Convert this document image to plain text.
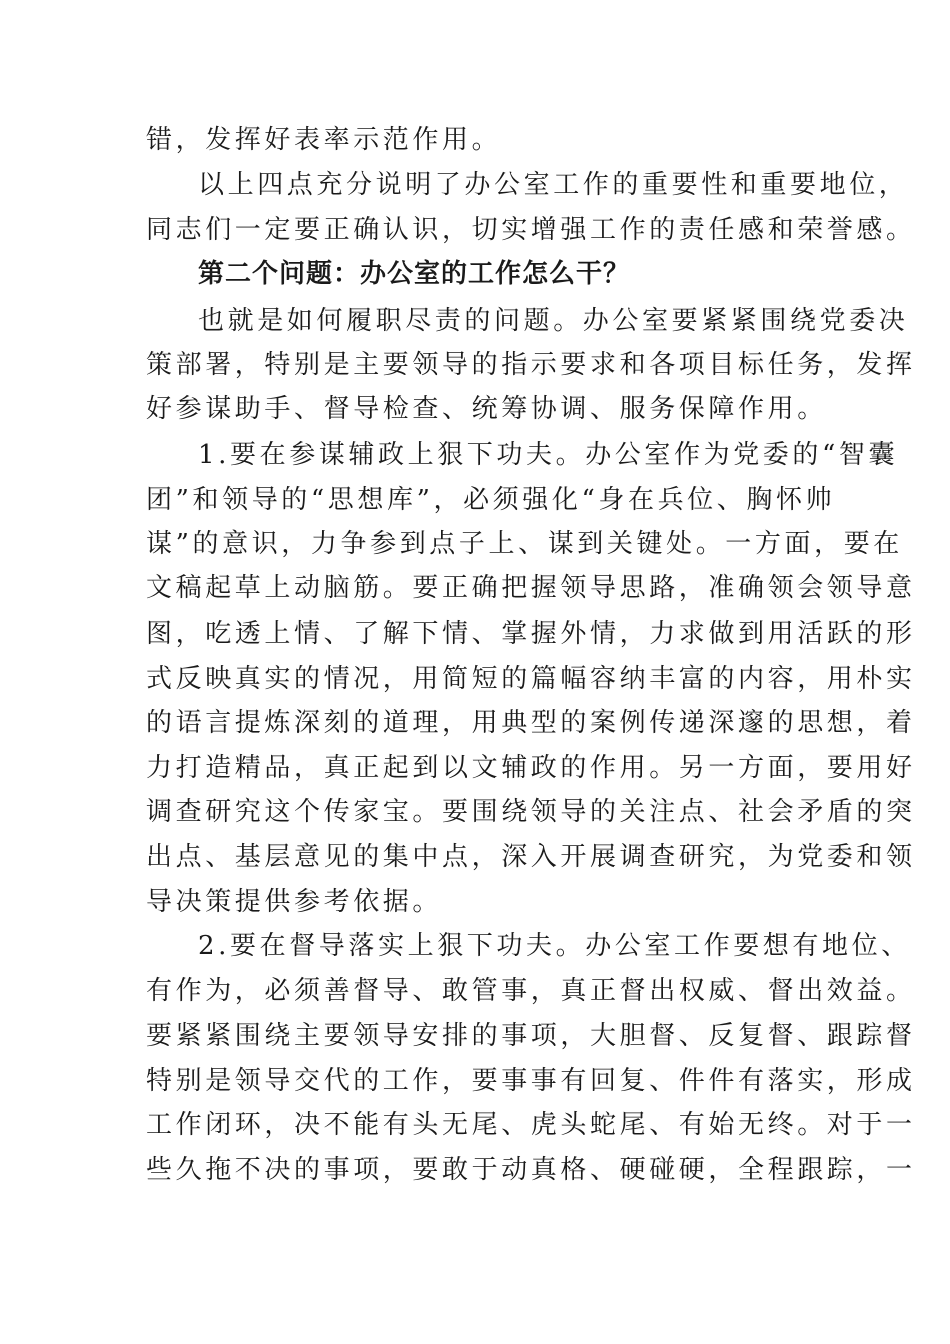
错，发挥好表率示范作用。
以上四点充分说明了办公室工作的重要性和重要地位，
同志们一定要正确认识，切实增强工作的责任感和荣誉感。
第二个问题：办公室的工作怎么干？
也就是如何履职尽责的问题。办公室要紧紧围绕党委决
策部署，特别是主要领导的指示要求和各项目标任务，发挥
好参谋助手、督导检查、统筹协调、服务保障作用。
1.要在参谋辅政上狠下功夫。办公室作为党委的“智囊
团”和领导的“思想库”，必须强化“身在兵位、胸怀帅
谋”的意识，力争参到点子上、谋到关键处。一方面，要在
文稿起草上动脑筋。要正确把握领导思路，准确领会领导意
图，吃透上情、了解下情、掌握外情，力求做到用活跃的形
式反映真实的情况，用简短的篇幅容纳丰富的内容，用朴实
的语言提炼深刻的道理，用典型的案例传递深邃的思想，着
力打造精品，真正起到以文辅政的作用。另一方面，要用好
调查研究这个传家宝。要围绕领导的关注点、社会矛盾的突
出点、基层意见的集中点，深入开展调查研究，为党委和领
导决策提供参考依据。
2.要在督导落实上狠下功夫。办公室工作要想有地位、
有作为，必须善督导、敢管事，真正督出权威、督出效益。
要紧紧围绕主要领导安排的事项，大胆督、反复督、跟踪督
特别是领导交代的工作，要事事有回复、件件有落实，形成
工作闭环，决不能有头无尾、虎头蛇尾、有始无终。对于一
些久拖不决的事项，要敢于动真格、硬碰硬，全程跟踪，一
